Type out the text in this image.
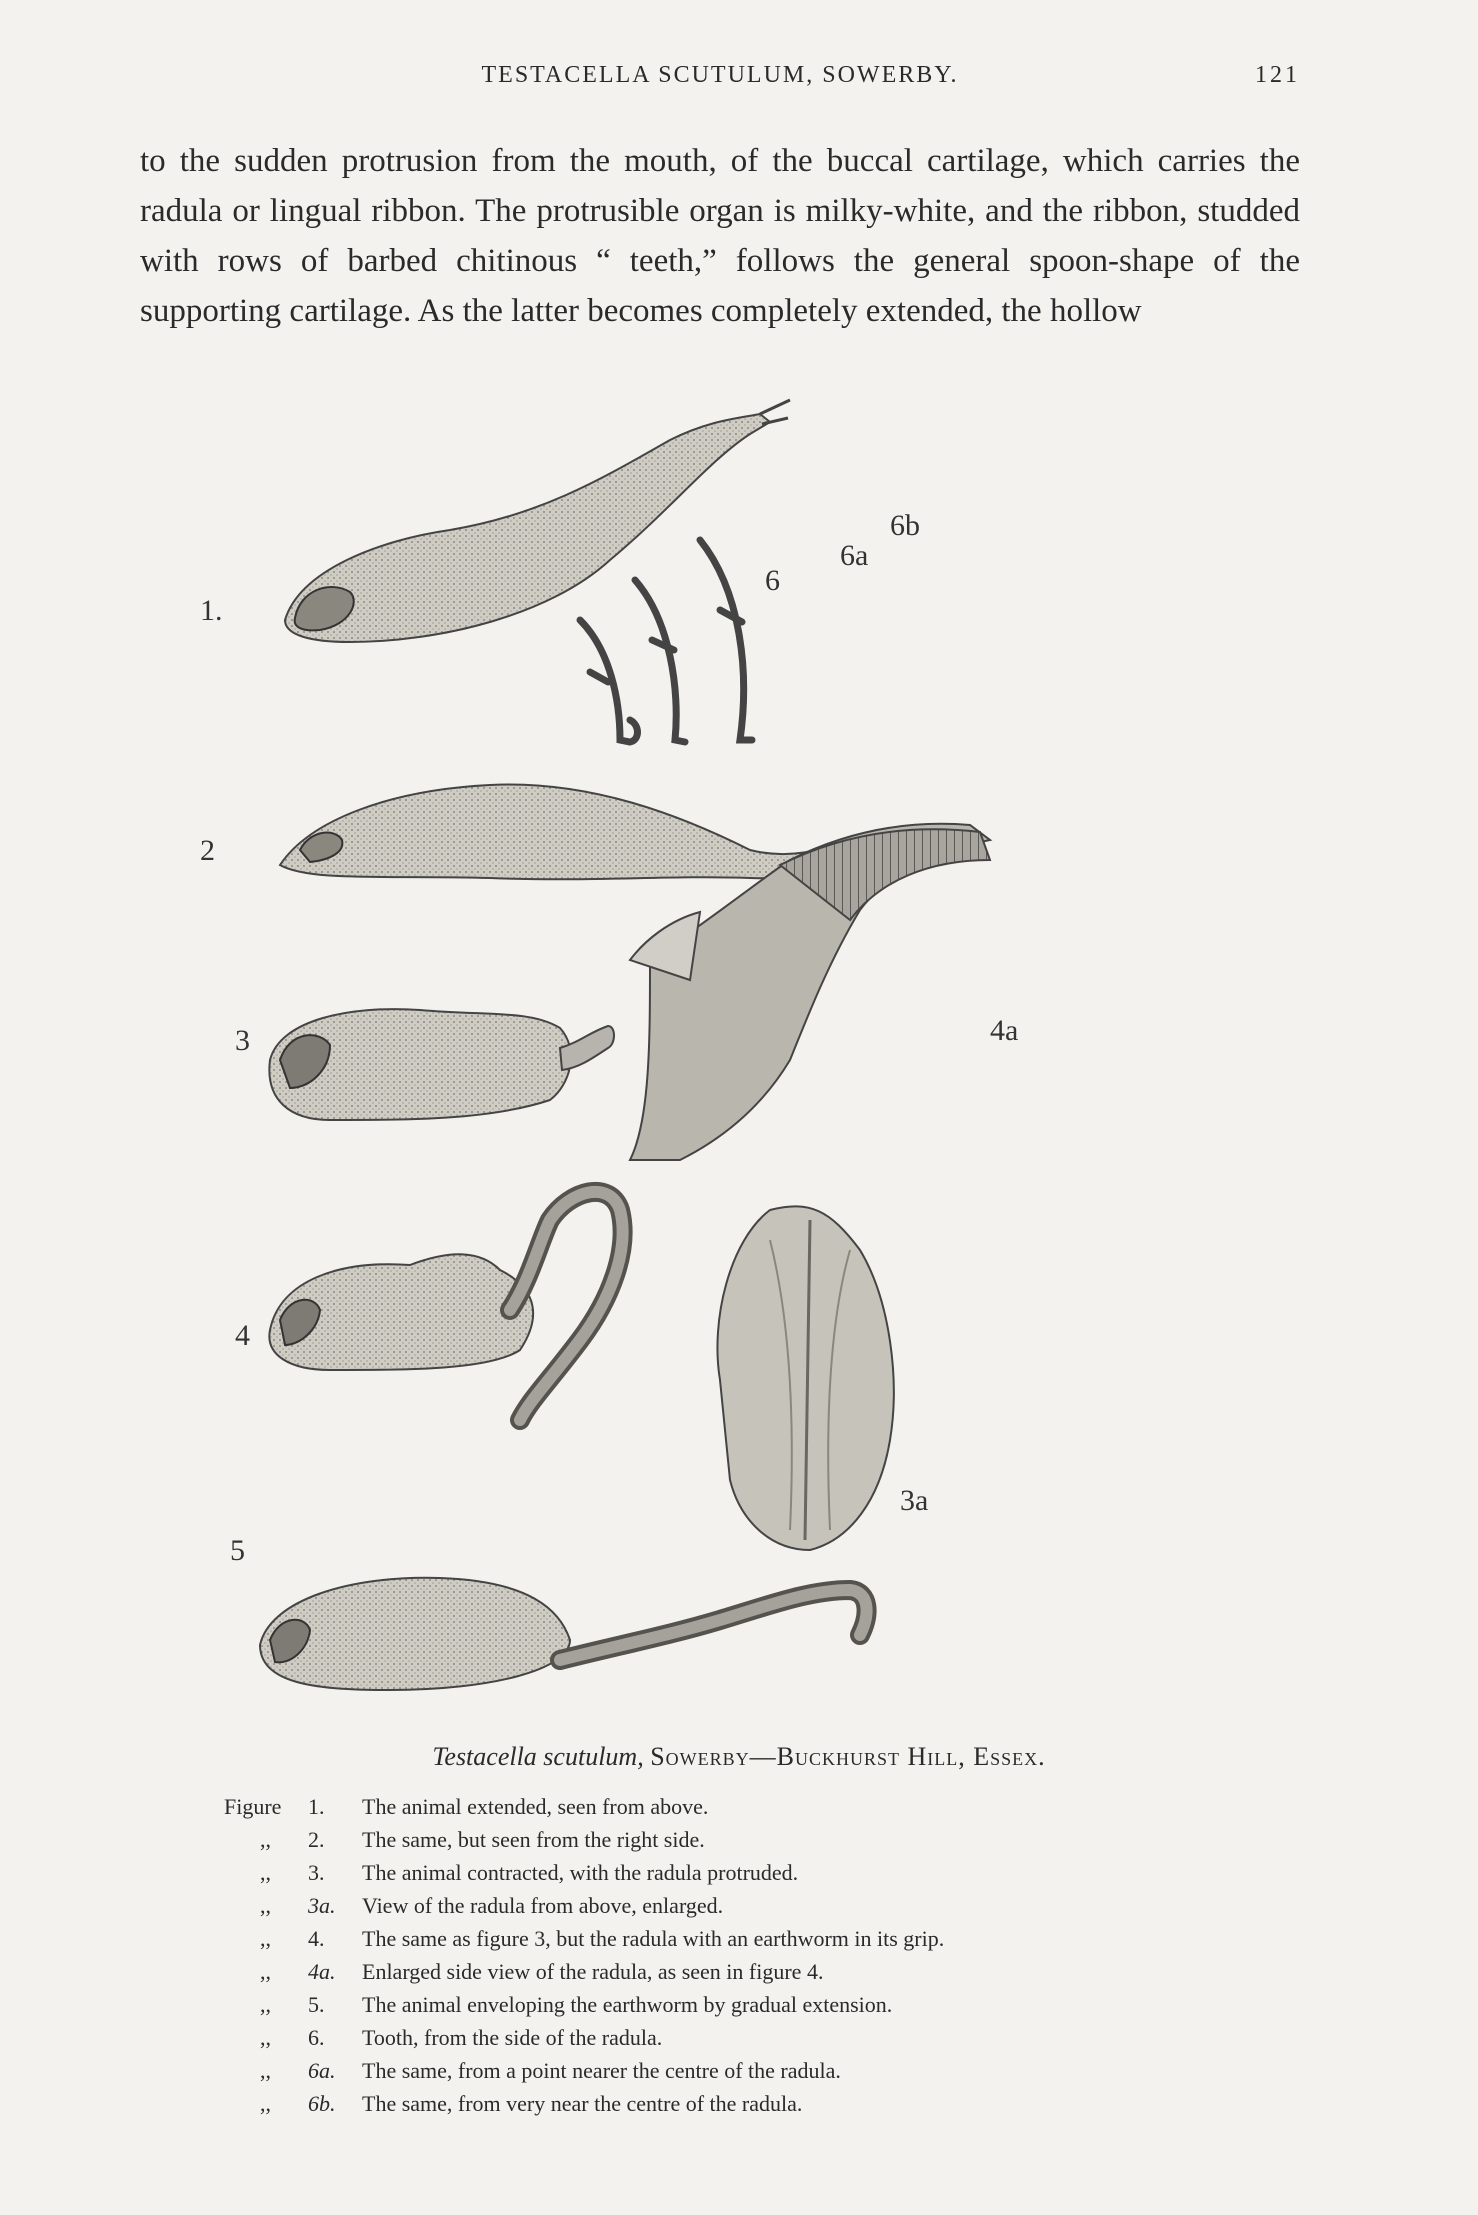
TESTACELLA SCUTULUM, SOWERBY.	121

to the sudden protrusion from the mouth, of the buccal cartilage, which carries the radula or lingual ribbon. The protrusible organ is milky-white, and the ribbon, studded with rows of barbed chitinous “ teeth,” follows the general spoon-shape of the supporting cartilage. As the latter becomes completely extended, the hollow

1.
2
3
4
5
6
6a
6b
4a
3a
Testacella scutulum, Sowerby—Buckhurst Hill, Essex.
Figure	1.	The animal extended, seen from above.
,,	2.	The same, but seen from the right side.
,,	3.	The animal contracted, with the radula protruded.
,,	3a.	View of the radula from above, enlarged.
,,	4.	The same as figure 3, but the radula with an earthworm in its grip.
,,	4a.	Enlarged side view of the radula, as seen in figure 4.
,,	5.	The animal enveloping the earthworm by gradual extension.
,,	6.	Tooth, from the side of the radula.
,,	6a.	The same, from a point nearer the centre of the radula.
,,	6b.	The same, from very near the centre of the radula.
